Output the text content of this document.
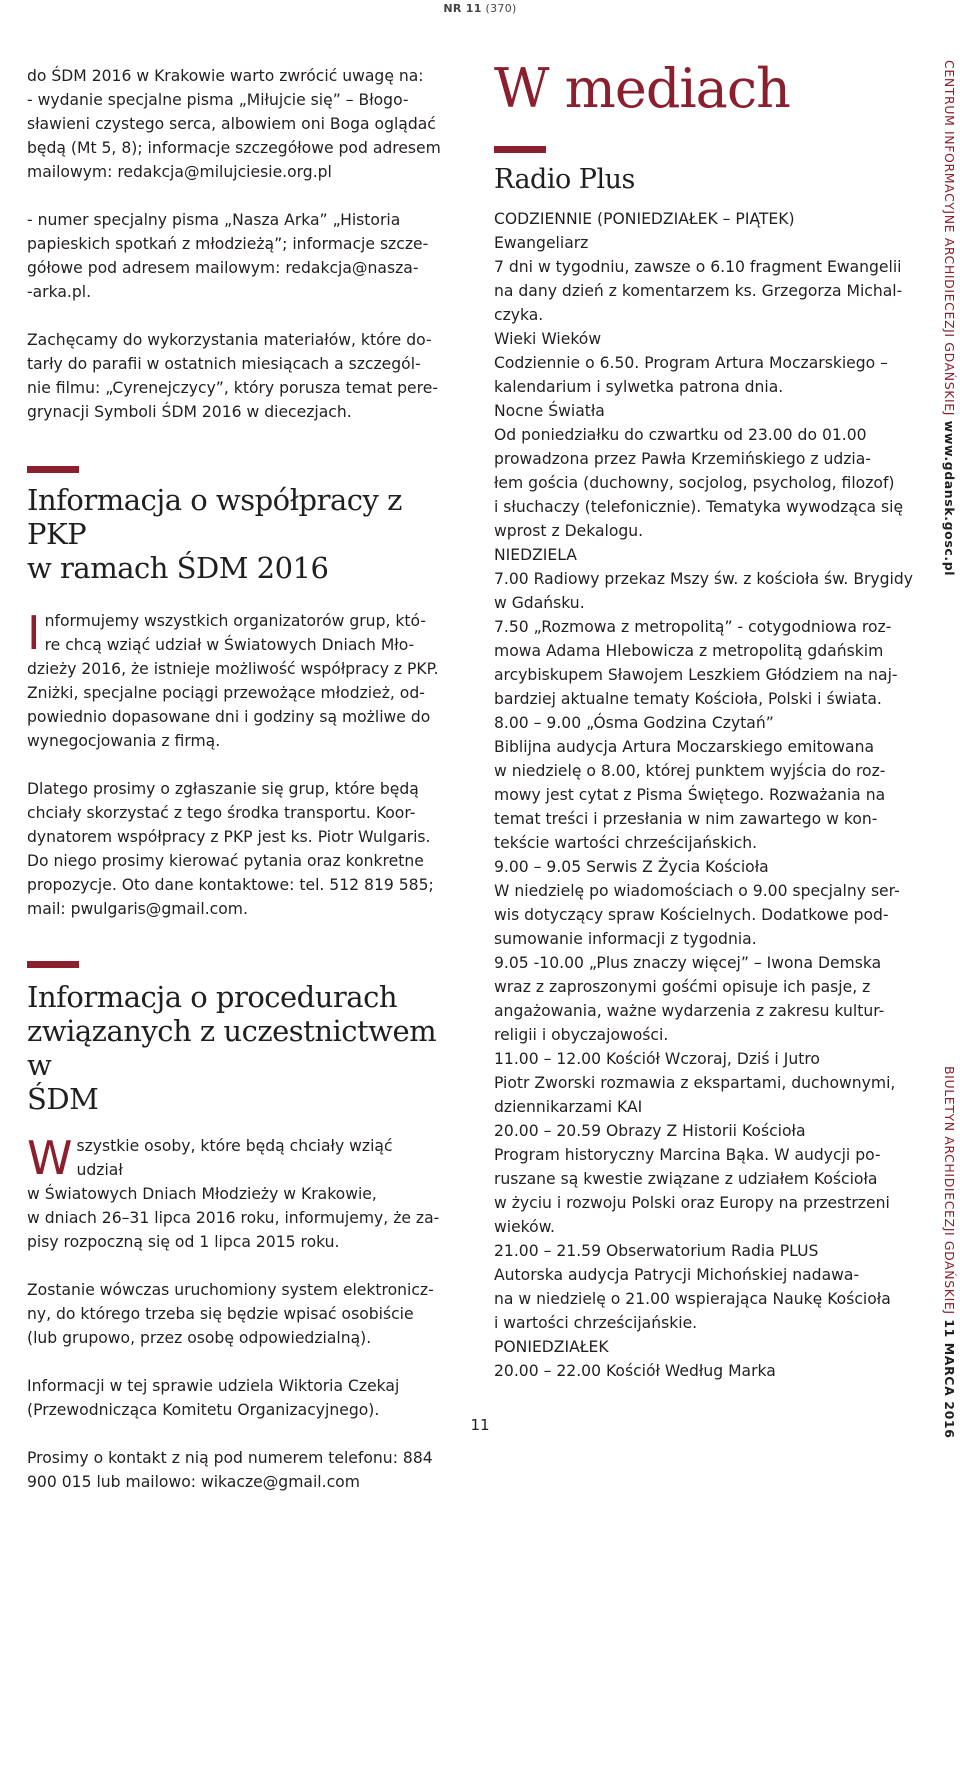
NR 11 (370)

do ŚDM 2016 w Krakowie warto zwrócić uwagę na:

- wydanie specjalne pisma „Miłujcie się” – Błogo-

sławieni czystego serca, albowiem oni Boga oglądać

będą (Mt 5, 8); informacje szczegółowe pod adresem

mailowym: redakcja@milujciesie.org.pl

- numer specjalny pisma „Nasza Arka” „Historia

papieskich spotkań z młodzieżą”; informacje szcze-

gółowe pod adresem mailowym: redakcja@nasza-

-arka.pl.

Zachęcamy do wykorzystania materiałów, które do-

tarły do parafii w ostatnich miesiącach a szczegól-

nie filmu: „Cyrenejczycy”, który porusza temat pere-

grynacji Symboli ŚDM 2016 w diecezjach.

Informacja o współpracy z PKP

w ramach ŚDM 2016

I nformujemy wszystkich organizatorów grup, któ-

re chcą wziąć udział w Światowych Dniach Mło-

dzieży 2016, że istnieje możliwość współpracy z PKP.

Zniżki, specjalne pociągi przewożące młodzież, od-

powiednio dopasowane dni i godziny są możliwe do

wynegocjowania z firmą.

Dlatego prosimy o zgłaszanie się grup, które będą

chciały skorzystać z tego środka transportu. Koor-

dynatorem współpracy z PKP jest ks. Piotr Wulgaris.

Do niego prosimy kierować pytania oraz konkretne

propozycje. Oto dane kontaktowe: tel. 512 819 585;

mail: pwulgaris@gmail.com.

Informacja o procedurach

związanych z uczestnictwem w

ŚDM

W szystkie osoby, które będą chciały wziąć udział

w Światowych Dniach Młodzieży w Krakowie,

w dniach 26–31 lipca 2016 roku, informujemy, że za-

pisy rozpoczną się od 1 lipca 2015 roku.

Zostanie wówczas uruchomiony system elektronicz-

ny, do którego trzeba się będzie wpisać osobiście

(lub grupowo, przez osobę odpowiedzialną).

Informacji w tej sprawie udziela Wiktoria Czekaj

(Przewodnicząca Komitetu Organizacyjnego).

Prosimy o kontakt z nią pod numerem telefonu: 884

900 015 lub mailowo: wikacze@gmail.com

W mediach
Radio Plus

CODZIENNIE (PONIEDZIAŁEK – PIĄTEK)

Ewangeliarz

7 dni w tygodniu, zawsze o 6.10 fragment Ewangelii

na dany dzień z komentarzem ks. Grzegorza Michal-

czyka.

Wieki Wieków

Codziennie o 6.50. Program Artura Moczarskiego –

kalendarium i sylwetka patrona dnia.

Nocne Światła

Od poniedziałku do czwartku od 23.00 do 01.00

prowadzona przez Pawła Krzemińskiego z udzia-

łem gościa (duchowny, socjolog, psycholog, filozof)

i słuchaczy (telefonicznie). Tematyka wywodząca się

wprost z Dekalogu.

NIEDZIELA

7.00 Radiowy przekaz Mszy św. z kościoła św. Brygidy

w Gdańsku.

7.50 „Rozmowa z metropolitą” - cotygodniowa roz-

mowa Adama Hlebowicza z metropolitą gdańskim

arcybiskupem Sławojem Leszkiem Głódziem na naj-

bardziej aktualne tematy Kościoła, Polski i świata.

8.00 – 9.00 „Ósma Godzina Czytań”

Biblijna audycja Artura Moczarskiego emitowana

w niedzielę o 8.00, której punktem wyjścia do roz-

mowy jest cytat z Pisma Świętego. Rozważania na

temat treści i przesłania w nim zawartego w kon-

tekście wartości chrześcijańskich.

9.00 – 9.05 Serwis Z Życia Kościoła

W niedzielę po wiadomościach o 9.00 specjalny ser-

wis dotyczący spraw Kościelnych. Dodatkowe pod-

sumowanie informacji z tygodnia.

9.05 -10.00 „Plus znaczy więcej” – Iwona Demska

wraz z zaproszonymi gośćmi opisuje ich pasje, z

angażowania, ważne wydarzenia z zakresu kultur-

religii i obyczajowości.

11.00 – 12.00 Kościół Wczoraj, Dziś i Jutro

Piotr Zworski rozmawia z ekspartami, duchownymi,

dziennikarzami KAI

20.00 – 20.59 Obrazy Z Historii Kościoła

Program historyczny Marcina Bąka. W audycji po-

ruszane są kwestie związane z udziałem Kościoła

w życiu i rozwoju Polski oraz Europy na przestrzeni

wieków.

21.00 – 21.59 Obserwatorium Radia PLUS

Autorska audycja Patrycji Michońskiej nadawa-

na w niedzielę o 21.00 wspierająca Naukę Kościoła

i wartości chrześcijańskie.

PONIEDZIAŁEK

20.00 – 22.00 Kościół Według Marka

CENTRUM INFORMACYJNE ARCHIDIECEZJI GDAŃSKIEJ www.gdansk.gosc.pl
BIULETYN ARCHIDIECEZJI GDAŃSKIEJ 11 MARCA 2016
11
